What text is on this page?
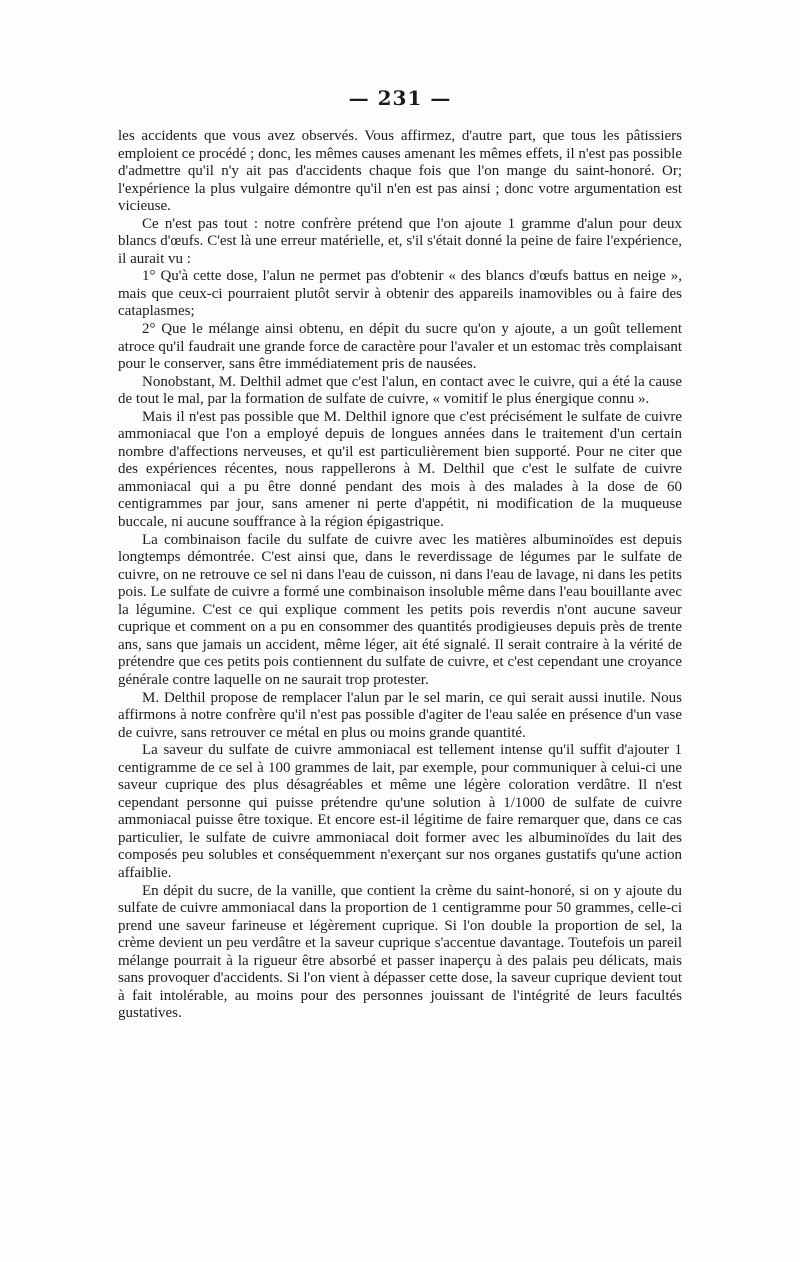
— 231 —

les accidents que vous avez observés. Vous affirmez, d'autre part, que tous les pâtissiers emploient ce procédé ; donc, les mêmes causes amenant les mêmes effets, il n'est pas possible d'admettre qu'il n'y ait pas d'accidents chaque fois que l'on mange du saint-honoré. Or; l'expérience la plus vulgaire démontre qu'il n'en est pas ainsi ; donc votre argumentation est vicieuse.

Ce n'est pas tout : notre confrère prétend que l'on ajoute 1 gramme d'alun pour deux blancs d'œufs. C'est là une erreur matérielle, et, s'il s'était donné la peine de faire l'expérience, il aurait vu :

1° Qu'à cette dose, l'alun ne permet pas d'obtenir « des blancs d'œufs battus en neige », mais que ceux-ci pourraient plutôt servir à obtenir des appareils inamovibles ou à faire des cataplasmes;

2° Que le mélange ainsi obtenu, en dépit du sucre qu'on y ajoute, a un goût tellement atroce qu'il faudrait une grande force de caractère pour l'avaler et un estomac très complaisant pour le conserver, sans être immédiatement pris de nausées.

Nonobstant, M. Delthil admet que c'est l'alun, en contact avec le cuivre, qui a été la cause de tout le mal, par la formation de sulfate de cuivre, « vomitif le plus énergique connu ».

Mais il n'est pas possible que M. Delthil ignore que c'est précisément le sulfate de cuivre ammoniacal que l'on a employé depuis de longues années dans le traitement d'un certain nombre d'affections nerveuses, et qu'il est particulièrement bien supporté. Pour ne citer que des expériences récentes, nous rappellerons à M. Delthil que c'est le sulfate de cuivre ammoniacal qui a pu être donné pendant des mois à des malades à la dose de 60 centigrammes par jour, sans amener ni perte d'appétit, ni modification de la muqueuse buccale, ni aucune souffrance à la région épigastrique.

La combinaison facile du sulfate de cuivre avec les matières albuminoïdes est depuis longtemps démontrée. C'est ainsi que, dans le reverdissage de légumes par le sulfate de cuivre, on ne retrouve ce sel ni dans l'eau de cuisson, ni dans l'eau de lavage, ni dans les petits pois. Le sulfate de cuivre a formé une combinaison insoluble même dans l'eau bouillante avec la légumine. C'est ce qui explique comment les petits pois reverdis n'ont aucune saveur cuprique et comment on a pu en consommer des quantités prodigieuses depuis près de trente ans, sans que jamais un accident, même léger, ait été signalé. Il serait contraire à la vérité de prétendre que ces petits pois contiennent du sulfate de cuivre, et c'est cependant une croyance générale contre laquelle on ne saurait trop protester.

M. Delthil propose de remplacer l'alun par le sel marin, ce qui serait aussi inutile. Nous affirmons à notre confrère qu'il n'est pas possible d'agiter de l'eau salée en présence d'un vase de cuivre, sans retrouver ce métal en plus ou moins grande quantité.

La saveur du sulfate de cuivre ammoniacal est tellement intense qu'il suffit d'ajouter 1 centigramme de ce sel à 100 grammes de lait, par exemple, pour communiquer à celui-ci une saveur cuprique des plus désagréables et même une légère coloration verdâtre. Il n'est cependant personne qui puisse prétendre qu'une solution à 1/1000 de sulfate de cuivre ammoniacal puisse être toxique. Et encore est-il légitime de faire remarquer que, dans ce cas particulier, le sulfate de cuivre ammoniacal doit former avec les albuminoïdes du lait des composés peu solubles et conséquemment n'exerçant sur nos organes gustatifs qu'une action affaiblie.

En dépit du sucre, de la vanille, que contient la crème du saint-honoré, si on y ajoute du sulfate de cuivre ammoniacal dans la proportion de 1 centigramme pour 50 grammes, celle-ci prend une saveur farineuse et légèrement cuprique. Si l'on double la proportion de sel, la crème devient un peu verdâtre et la saveur cuprique s'accentue davantage. Toutefois un pareil mélange pourrait à la rigueur être absorbé et passer inaperçu à des palais peu délicats, mais sans provoquer d'accidents. Si l'on vient à dépasser cette dose, la saveur cuprique devient tout à fait intolérable, au moins pour des personnes jouissant de l'intégrité de leurs facultés gustatives.
